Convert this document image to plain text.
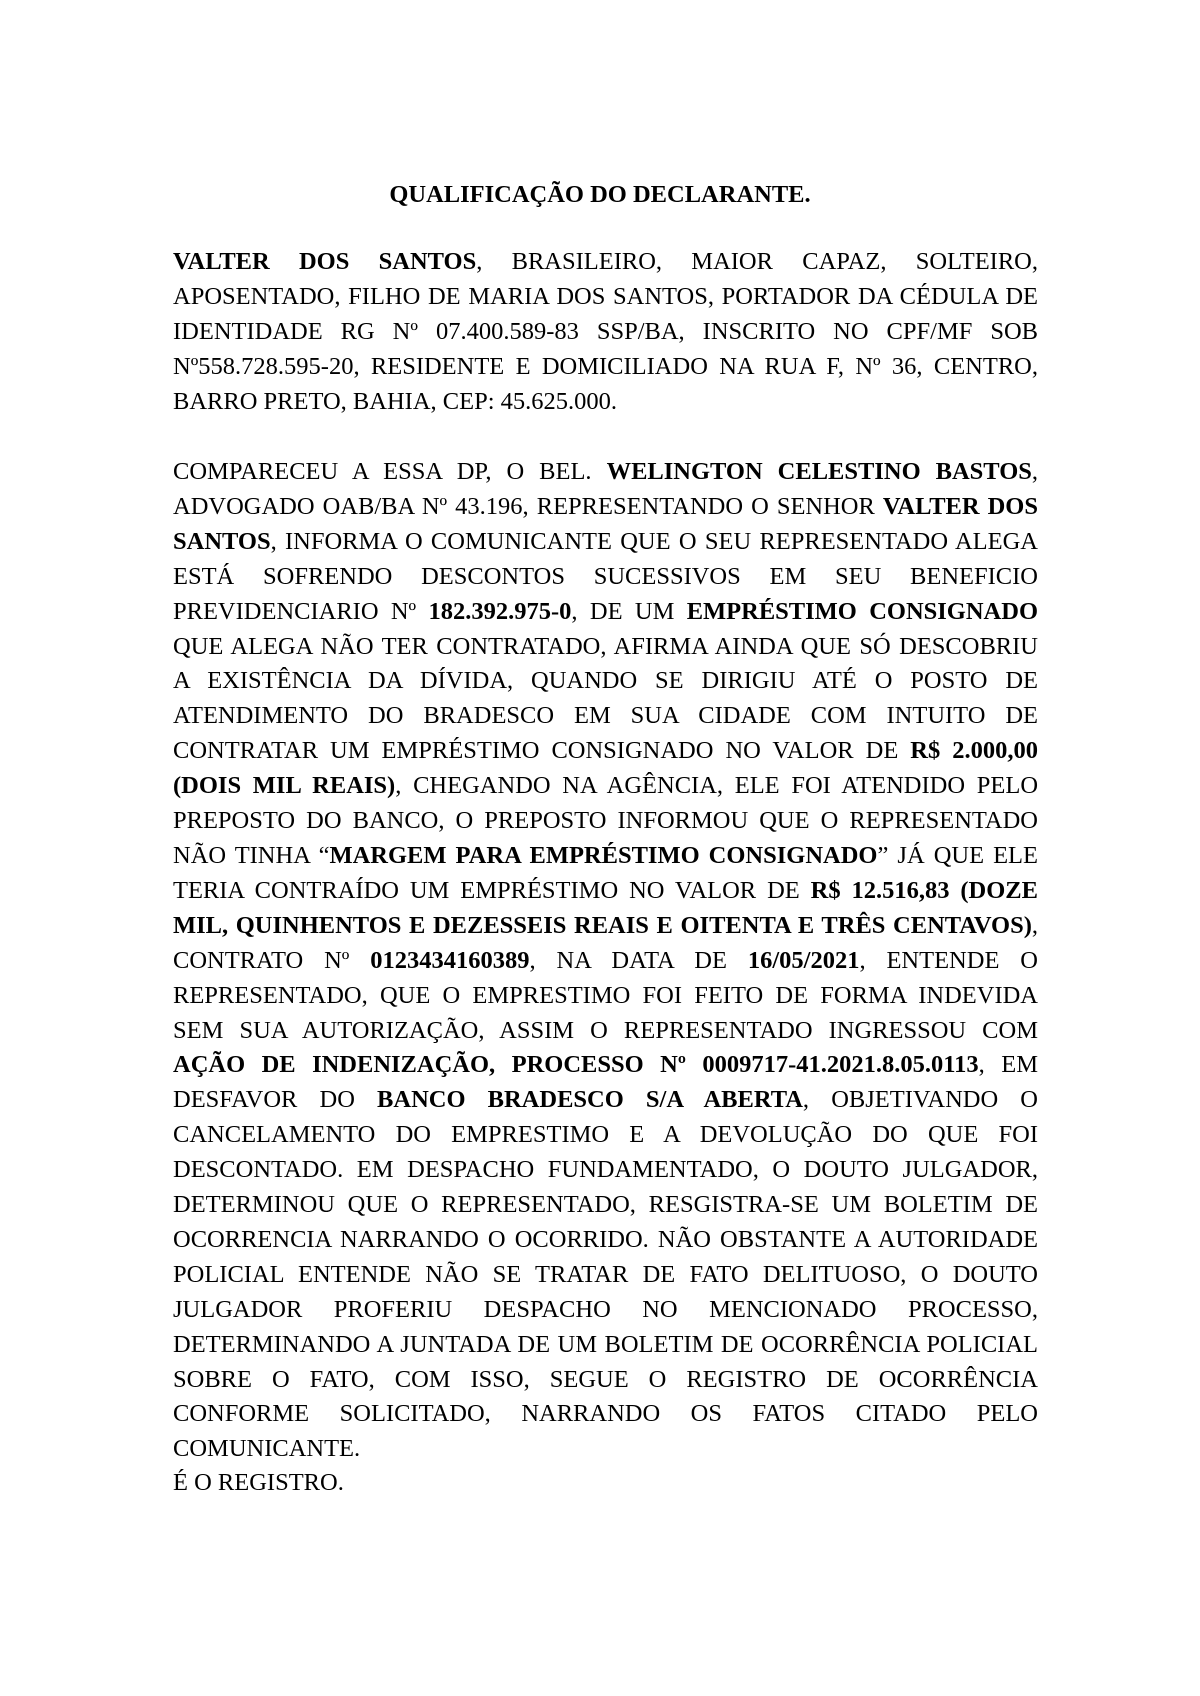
QUALIFICAÇÃO DO DECLARANTE.

VALTER DOS SANTOS, BRASILEIRO, MAIOR CAPAZ, SOLTEIRO, APOSENTADO, FILHO DE MARIA DOS SANTOS, PORTADOR DA CÉDULA DE IDENTIDADE RG Nº 07.400.589-83 SSP/BA, INSCRITO NO CPF/MF SOB Nº558.728.595-20, RESIDENTE E DOMICILIADO NA RUA F, Nº 36, CENTRO, BARRO PRETO, BAHIA, CEP: 45.625.000.

COMPARECEU A ESSA DP, O BEL. WELINGTON CELESTINO BASTOS, ADVOGADO OAB/BA Nº 43.196, REPRESENTANDO O SENHOR VALTER DOS SANTOS, INFORMA O COMUNICANTE QUE O SEU REPRESENTADO ALEGA ESTÁ SOFRENDO DESCONTOS SUCESSIVOS EM SEU BENEFICIO PREVIDENCIARIO Nº 182.392.975-0, DE UM EMPRÉSTIMO CONSIGNADO QUE ALEGA NÃO TER CONTRATADO, AFIRMA AINDA QUE SÓ DESCOBRIU A EXISTÊNCIA DA DÍVIDA, QUANDO SE DIRIGIU ATÉ O POSTO DE ATENDIMENTO DO BRADESCO EM SUA CIDADE COM INTUITO DE CONTRATAR UM EMPRÉSTIMO CONSIGNADO NO VALOR DE R$ 2.000,00 (DOIS MIL REAIS), CHEGANDO NA AGÊNCIA, ELE FOI ATENDIDO PELO PREPOSTO DO BANCO, O PREPOSTO INFORMOU QUE O REPRESENTADO NÃO TINHA “MARGEM PARA EMPRÉSTIMO CONSIGNADO” JÁ QUE ELE TERIA CONTRAÍDO UM EMPRÉSTIMO NO VALOR DE R$ 12.516,83 (DOZE MIL, QUINHENTOS E DEZESSEIS REAIS E OITENTA E TRÊS CENTAVOS), CONTRATO Nº 0123434160389, NA DATA DE 16/05/2021, ENTENDE O REPRESENTADO, QUE O EMPRESTIMO FOI FEITO DE FORMA INDEVIDA SEM SUA AUTORIZAÇÃO, ASSIM O REPRESENTADO INGRESSOU COM AÇÃO DE INDENIZAÇÃO, PROCESSO Nº 0009717-41.2021.8.05.0113, EM DESFAVOR DO BANCO BRADESCO S/A ABERTA, OBJETIVANDO O CANCELAMENTO DO EMPRESTIMO E A DEVOLUÇÃO DO QUE FOI DESCONTADO. EM DESPACHO FUNDAMENTADO, O DOUTO JULGADOR, DETERMINOU QUE O REPRESENTADO, RESGISTRA-SE UM BOLETIM DE OCORRENCIA NARRANDO O OCORRIDO. NÃO OBSTANTE A AUTORIDADE POLICIAL ENTENDE NÃO SE TRATAR DE FATO DELITUOSO, O DOUTO JULGADOR PROFERIU DESPACHO NO MENCIONADO PROCESSO, DETERMINANDO A JUNTADA DE UM BOLETIM DE OCORRÊNCIA POLICIAL SOBRE O FATO, COM ISSO, SEGUE O REGISTRO DE OCORRÊNCIA CONFORME SOLICITADO, NARRANDO OS FATOS CITADO PELO COMUNICANTE.

É O REGISTRO.
